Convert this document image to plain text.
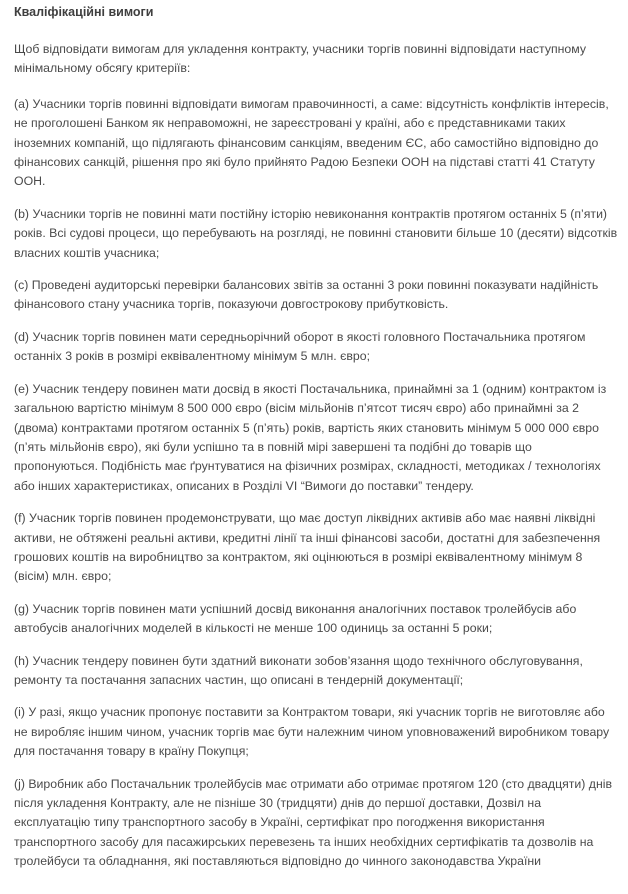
Кваліфікаційні вимоги

Щоб відповідати вимогам для укладення контракту, учасники торгів повинні відповідати наступному мінімальному обсягу критеріїв:

(a) Учасники торгів повинні відповідати вимогам правочинності, а саме: відсутність конфліктів інтересів, не проголошені Банком як неправоможні, не зареєстровані у країні, або є представниками таких іноземних компаній, що підлягають фінансовим санкціям, введеним ЄС, або самостійно відповідно до фінансових санкцій, рішення про які було прийнято Радою Безпеки ООН на підставі статті 41 Статуту ООН.

(b) Учасники торгів не повинні мати постійну історію невиконання контрактів протягом останніх 5 (п’яти) років. Всі судові процеси, що перебувають на розгляді, не повинні становити більше 10 (десяти) відсотків власних коштів учасника;

(c) Проведені аудиторські перевірки балансових звітів за останні 3 роки повинні показувати надійність фінансового стану учасника торгів, показуючи довгострокову прибутковість.

(d) Учасник торгів повинен мати середньорічний оборот в якості головного Постачальника протягом останніх 3 років в розмірі еквівалентному мінімум 5 млн. євро;

(e) Учасник тендеру повинен мати досвід в якості Постачальника, принаймні за 1 (одним) контрактом із загальною вартістю мінімум 8 500 000 євро (вісім мільйонів п’ятсот тисяч євро) або принаймні за 2 (двома) контрактами протягом останніх 5 (п’ять) років, вартість яких становить мінімум 5 000 000 євро (п’ять мільйонів євро), які були успішно та в повній мірі завершені та подібні до товарів що пропонуються. Подібність має ґрунтуватися на фізичних розмірах, складності, методиках / технологіях або інших характеристиках, описаних в Розділі VI “Вимоги до поставки” тендеру.

(f) Учасник торгів повинен продемонструвати, що має доступ ліквідних активів або має наявні ліквідні активи, не обтяжені реальні активи, кредитні лінії та інші фінансові засоби, достатні для забезпечення грошових коштів на виробництво за контрактом, які оцінюються в розмірі еквівалентному мінімум 8 (вісім) млн. євро;

(g) Учасник торгів повинен мати успішний досвід виконання аналогічних поставок тролейбусів або автобусів аналогічних моделей в кількості не менше 100 одиниць за останні 5 роки;

(h) Учасник тендеру повинен бути здатний виконати зобов’язання щодо технічного обслуговування, ремонту та постачання запасних частин, що описані в тендерній документації;

(i) У разі, якщо учасник пропонує поставити за Контрактом товари, які учасник торгів не виготовляє або не виробляє іншим чином, учасник торгів має бути належним чином уповноважений виробником товару для постачання товару в країну Покупця;

(j) Виробник або Постачальник тролейбусів має отримати або отримає протягом 120 (сто двадцяти) днів після укладення Контракту, але не пізніше 30 (тридцяти) днів до першої доставки, Дозвіл на експлуатацію типу транспортного засобу в Україні, сертифікат про погодження використання транспортного засобу для пасажирських перевезень та інших необхідних сертифікатів та дозволів на тролейбуси та обладнання, які поставляються відповідно до чинного законодавства України
